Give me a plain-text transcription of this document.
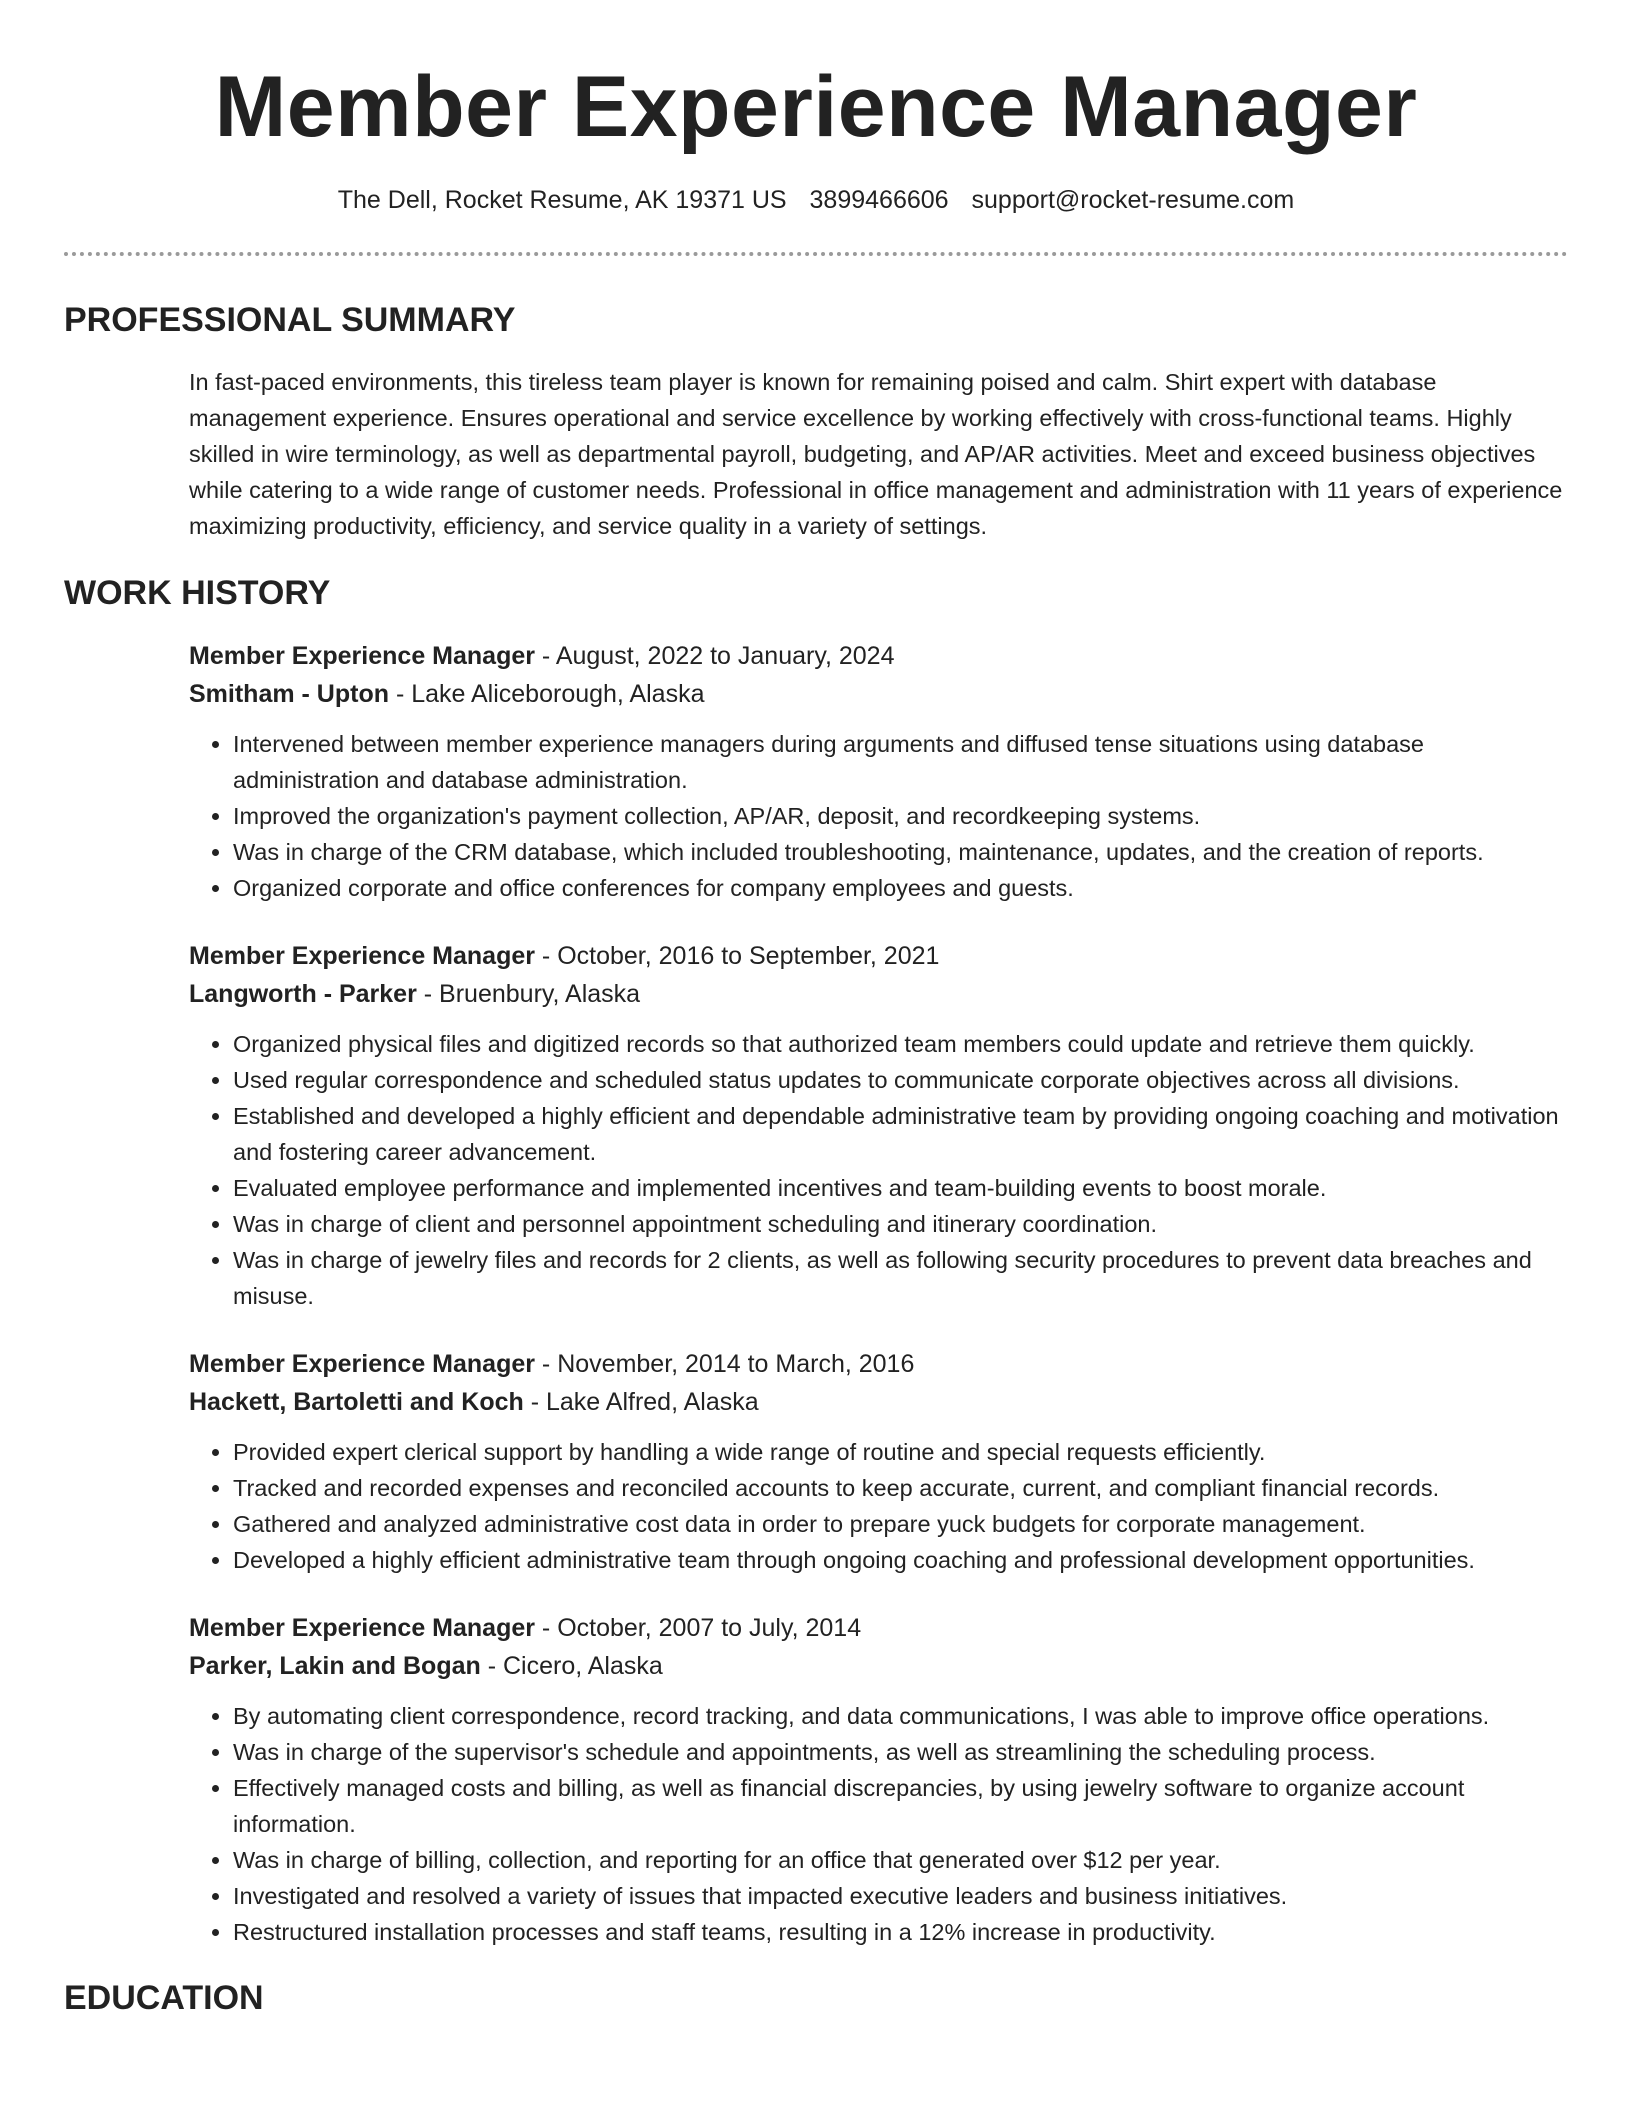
Member Experience Manager
The Dell, Rocket Resume, AK 19371 US 3899466606 support@rocket-resume.com
PROFESSIONAL SUMMARY
In fast-paced environments, this tireless team player is known for remaining poised and calm. Shirt expert with database management experience. Ensures operational and service excellence by working effectively with cross-functional teams. Highly skilled in wire terminology, as well as departmental payroll, budgeting, and AP/AR activities. Meet and exceed business objectives while catering to a wide range of customer needs. Professional in office management and administration with 11 years of experience maximizing productivity, efficiency, and service quality in a variety of settings.
WORK HISTORY
Member Experience Manager - August, 2022 to January, 2024
Smitham - Upton - Lake Aliceborough, Alaska
• Intervened between member experience managers during arguments and diffused tense situations using database administration and database administration.
• Improved the organization's payment collection, AP/AR, deposit, and recordkeeping systems.
• Was in charge of the CRM database, which included troubleshooting, maintenance, updates, and the creation of reports.
• Organized corporate and office conferences for company employees and guests.
Member Experience Manager - October, 2016 to September, 2021
Langworth - Parker - Bruenbury, Alaska
• Organized physical files and digitized records so that authorized team members could update and retrieve them quickly.
• Used regular correspondence and scheduled status updates to communicate corporate objectives across all divisions.
• Established and developed a highly efficient and dependable administrative team by providing ongoing coaching and motivation and fostering career advancement.
• Evaluated employee performance and implemented incentives and team-building events to boost morale.
• Was in charge of client and personnel appointment scheduling and itinerary coordination.
• Was in charge of jewelry files and records for 2 clients, as well as following security procedures to prevent data breaches and misuse.
Member Experience Manager - November, 2014 to March, 2016
Hackett, Bartoletti and Koch - Lake Alfred, Alaska
• Provided expert clerical support by handling a wide range of routine and special requests efficiently.
• Tracked and recorded expenses and reconciled accounts to keep accurate, current, and compliant financial records.
• Gathered and analyzed administrative cost data in order to prepare yuck budgets for corporate management.
• Developed a highly efficient administrative team through ongoing coaching and professional development opportunities.
Member Experience Manager - October, 2007 to July, 2014
Parker, Lakin and Bogan - Cicero, Alaska
• By automating client correspondence, record tracking, and data communications, I was able to improve office operations.
• Was in charge of the supervisor's schedule and appointments, as well as streamlining the scheduling process.
• Effectively managed costs and billing, as well as financial discrepancies, by using jewelry software to organize account information.
• Was in charge of billing, collection, and reporting for an office that generated over $12 per year.
• Investigated and resolved a variety of issues that impacted executive leaders and business initiatives.
• Restructured installation processes and staff teams, resulting in a 12% increase in productivity.
EDUCATION
